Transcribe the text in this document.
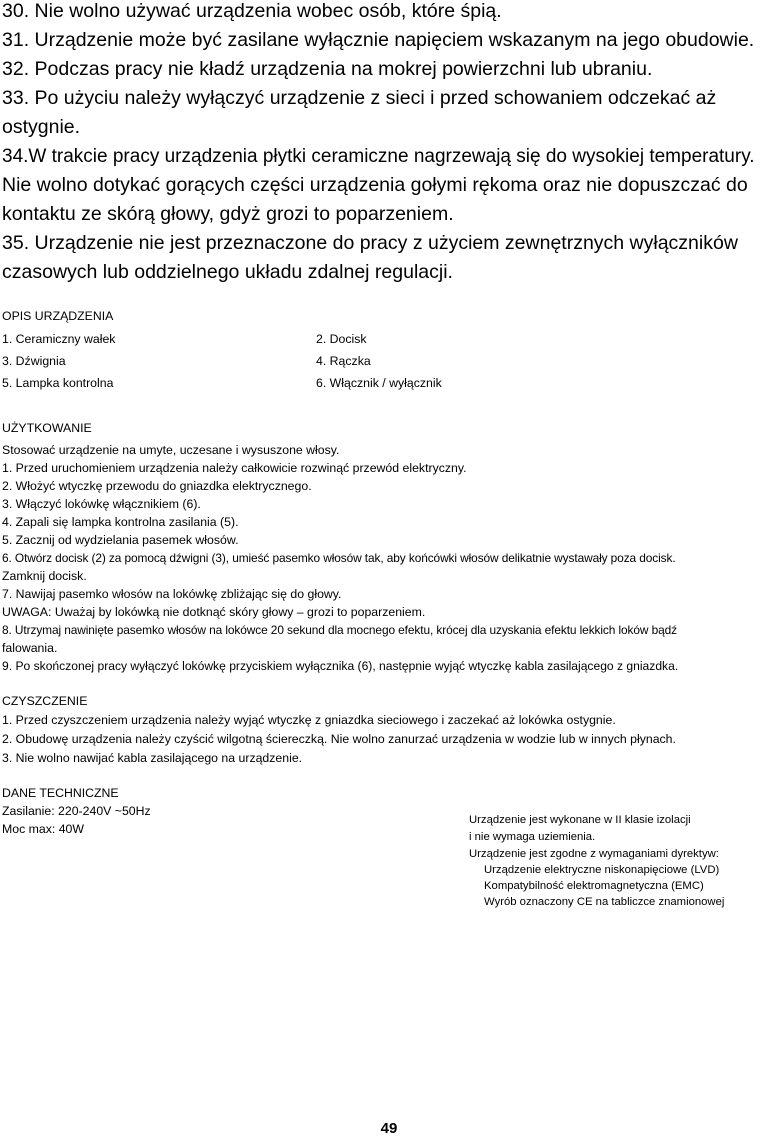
30. Nie wolno używać urządzenia wobec osób, które śpią.
31. Urządzenie może być zasilane wyłącznie napięciem wskazanym na jego obudowie.
32. Podczas pracy nie kładź urządzenia na mokrej powierzchni lub ubraniu.
33. Po użyciu należy wyłączyć urządzenie z sieci i przed schowaniem odczekać aż
ostygnie.
34.W trakcie pracy urządzenia płytki ceramiczne nagrzewają się do wysokiej temperatury.
Nie wolno dotykać gorących części urządzenia gołymi rękoma oraz nie dopuszczać do
kontaktu ze skórą głowy, gdyż grozi to poparzeniem.
35. Urządzenie nie jest przeznaczone do pracy z użyciem zewnętrznych wyłączników
czasowych lub oddzielnego układu zdalnej regulacji.
OPIS URZĄDZENIA
1. Ceramiczny wałek
3. Dźwignia
5. Lampka kontrolna
2. Docisk
4. Rączka
6. Włącznik / wyłącznik
UŻYTKOWANIE
Stosować urządzenie na umyte, uczesane i wysuszone włosy.
1. Przed uruchomieniem urządzenia należy całkowicie rozwinąć przewód elektryczny.
2. Włożyć wtyczkę przewodu do gniazdka elektrycznego.
3. Włączyć lokówkę włącznikiem (6).
4. Zapali się lampka kontrolna zasilania (5).
5. Zacznij od wydzielania pasemek włosów.
6. Otwórz docisk (2) za pomocą dźwigni (3), umieść pasemko włosów tak, aby końcówki włosów delikatnie wystawały poza docisk.
Zamknij docisk.
7. Nawijaj pasemko włosów na lokówkę zbliżając się do głowy.
UWAGA: Uważaj by lokówką nie dotknąć skóry głowy – grozi to poparzeniem.
8. Utrzymaj nawinięte pasemko włosów na lokówce 20 sekund dla mocnego efektu, krócej dla uzyskania efektu lekkich loków bądź
falowania.
9. Po skończonej pracy wyłączyć lokówkę przyciskiem wyłącznika (6), następnie wyjąć wtyczkę kabla zasilającego z gniazdka.
CZYSZCZENIE
1. Przed czyszczeniem urządzenia należy wyjąć wtyczkę z gniazdka sieciowego i zaczekać aż lokówka ostygnie.
2. Obudowę urządzenia należy czyścić wilgotną ściereczką. Nie wolno zanurzać urządzenia w wodzie lub w innych płynach.
3. Nie wolno nawijać kabla zasilającego na urządzenie.
DANE TECHNICZNE
Zasilanie: 220-240V ~50Hz
Moc max: 40W
Urządzenie jest wykonane w II klasie izolacji
i nie wymaga uziemienia.
Urządzenie jest zgodne z wymaganiami dyrektyw:
Urządzenie elektryczne niskonapięciowe (LVD)
Kompatybilność elektromagnetyczna (EMC)
Wyrób oznaczony CE na tabliczce znamionowej
49
